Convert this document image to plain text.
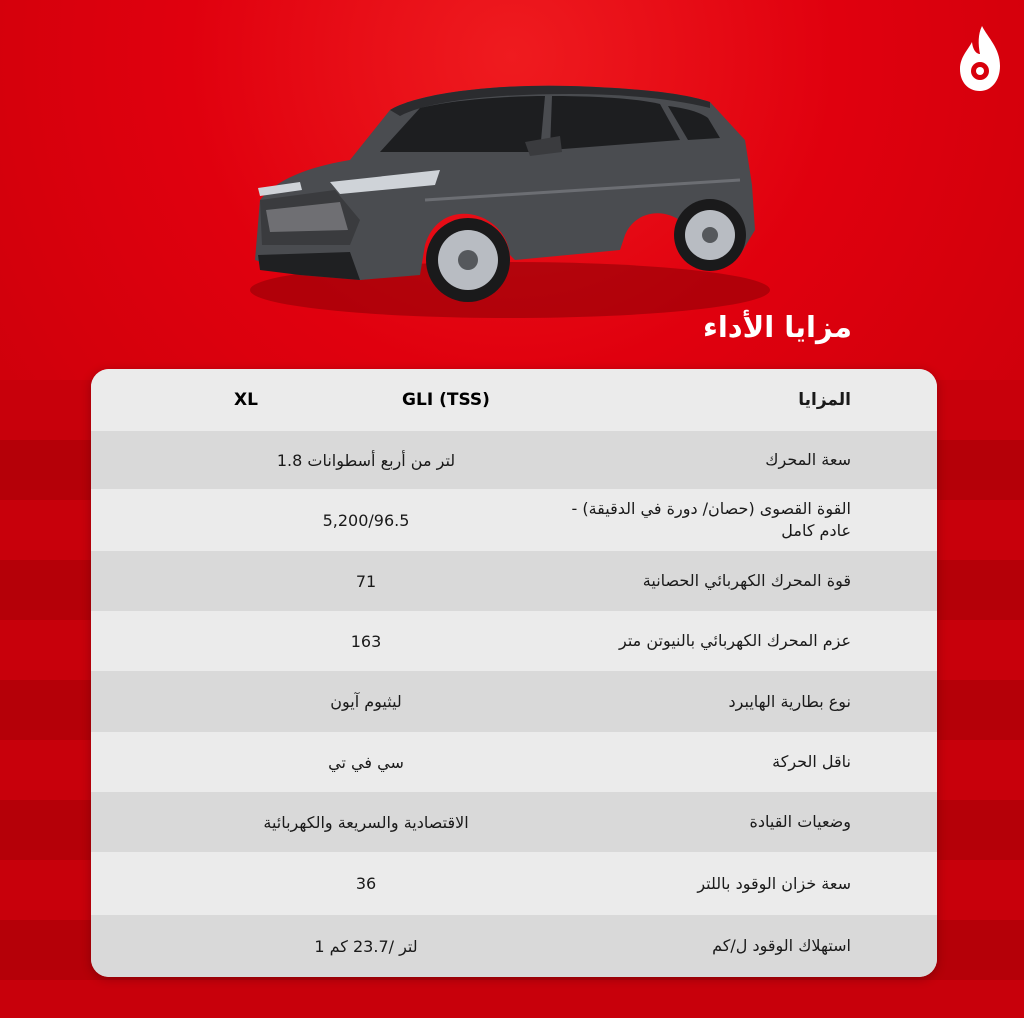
مزايا الأداء
المزايا
GLI (TSS)
XL
سعة المحرك
لتر من أربع أسطوانات 1.8
القوة القصوى (حصان/ دورة في الدقيقة) - عادم كامل
5,200/96.5
قوة المحرك الكهربائي الحصانية
71
عزم المحرك الكهربائي بالنيوتن متر
163
نوع بطارية الهايبرد
ليثيوم آيون
ناقل الحركة
سي في تي
وضعيات القيادة
الاقتصادية والسريعة والكهربائية
سعة خزان الوقود باللتر
36
استهلاك الوقود ل/كم
لتر /23.7 كم 1
